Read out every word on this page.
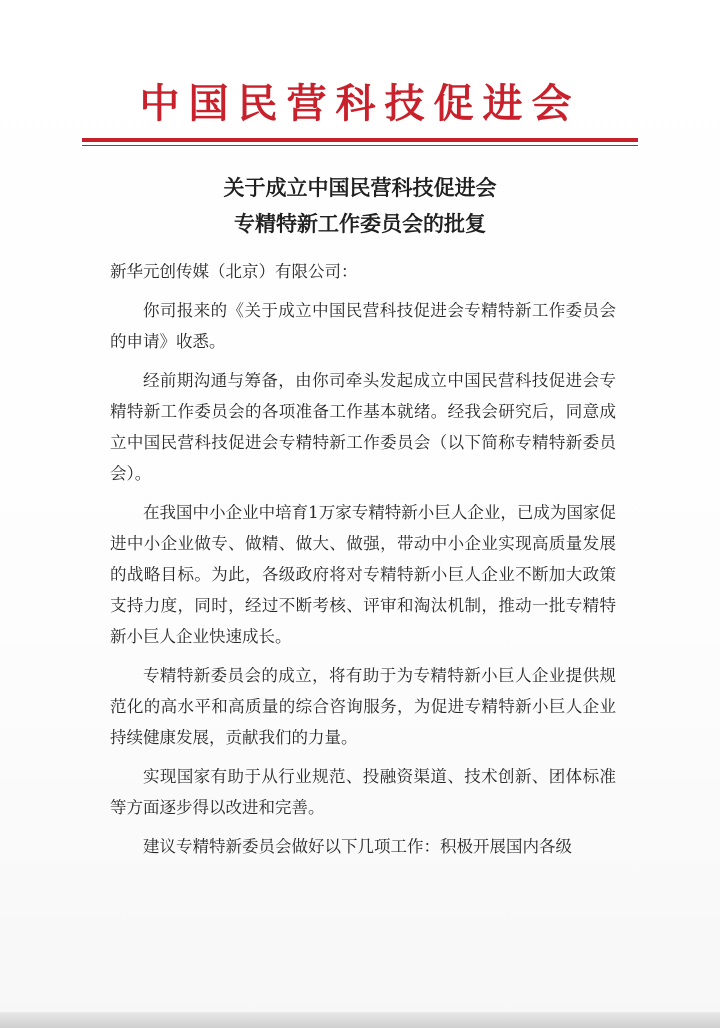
中国民营科技促进会
关于成立中国民营科技促进会
专精特新工作委员会的批复

新华元创传媒（北京）有限公司：

你司报来的《关于成立中国民营科技促进会专精特新工作委员会的申请》收悉。

经前期沟通与筹备，由你司牵头发起成立中国民营科技促进会专精特新工作委员会的各项准备工作基本就绪。经我会研究后，同意成立中国民营科技促进会专精特新工作委员会（以下简称专精特新委员会）。

在我国中小企业中培育1万家专精特新小巨人企业，已成为国家促进中小企业做专、做精、做大、做强，带动中小企业实现高质量发展的战略目标。为此，各级政府将对专精特新小巨人企业不断加大政策支持力度，同时，经过不断考核、评审和淘汰机制，推动一批专精特新小巨人企业快速成长。

专精特新委员会的成立，将有助于为专精特新小巨人企业提供规范化的高水平和高质量的综合咨询服务，为促进专精特新小巨人企业持续健康发展，贡献我们的力量。

实现国家有助于从行业规范、投融资渠道、技术创新、团体标准等方面逐步得以改进和完善。

建议专精特新委员会做好以下几项工作：积极开展国内各级
